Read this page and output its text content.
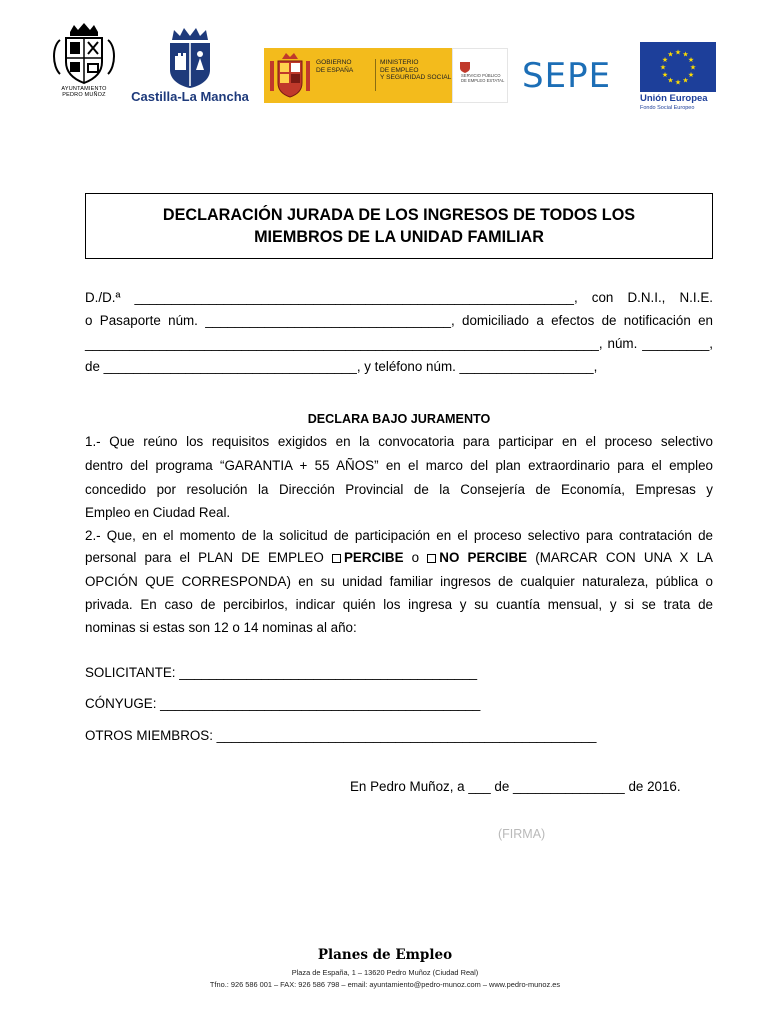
AYUNTAMIENTO
PEDRO MUÑOZ	Castilla-La Mancha
GOBIERNO
DE ESPAÑA
MINISTERIO
DE EMPLEO
Y SEGURIDAD SOCIAL SERVICIO PÚBLICO
DE EMPLEO ESTATAL SEPE
★ ★
★
★
★
★
★
★
★
★
★
★
Unión Europea
Fondo Social Europeo
DECLARACIÓN JURADA DE LOS INGRESOS DE TODOS LOS
MIEMBROS DE LA UNIDAD FAMILIAR
D./D.ª ___________________________________________________________, con D.N.I., N.I.E.
o Pasaporte núm. _________________________________, domiciliado a efectos de notificación en
_____________________________________________________________________, núm. _________,
de __________________________________, y teléfono núm. __________________,
DECLARA BAJO JURAMENTO
1.- Que reúno los requisitos exigidos en la convocatoria para participar en el proceso selectivo
dentro del programa “GARANTIA + 55 AÑOS” en el marco del plan extraordinario para el empleo
concedido por resolución la Dirección Provincial de la Consejería de Economía, Empresas y
Empleo en Ciudad Real.
2.- Que, en el momento de la solicitud de participación en el proceso selectivo para contratación de
personal para el PLAN DE EMPLEO PERCIBE o NO PERCIBE (MARCAR CON UNA X LA
OPCIÓN QUE CORRESPONDA) en su unidad familiar ingresos de cualquier naturaleza, pública o
privada. En caso de percibirlos, indicar quién los ingresa y su cuantía mensual, y si se trata de
nominas si estas son 12 o 14 nominas al año:
SOLICITANTE: ________________________________________
CÓNYUGE: ___________________________________________
OTROS MIEMBROS: ___________________________________________________
En Pedro Muñoz, a ___ de _______________ de 2016.
(FIRMA)
Planes de Empleo
Plaza de España, 1 – 13620 Pedro Muñoz (Ciudad Real)
Tfno.: 926 586 001 – FAX: 926 586 798 – email: ayuntamiento@pedro-munoz.com – www.pedro-munoz.es
